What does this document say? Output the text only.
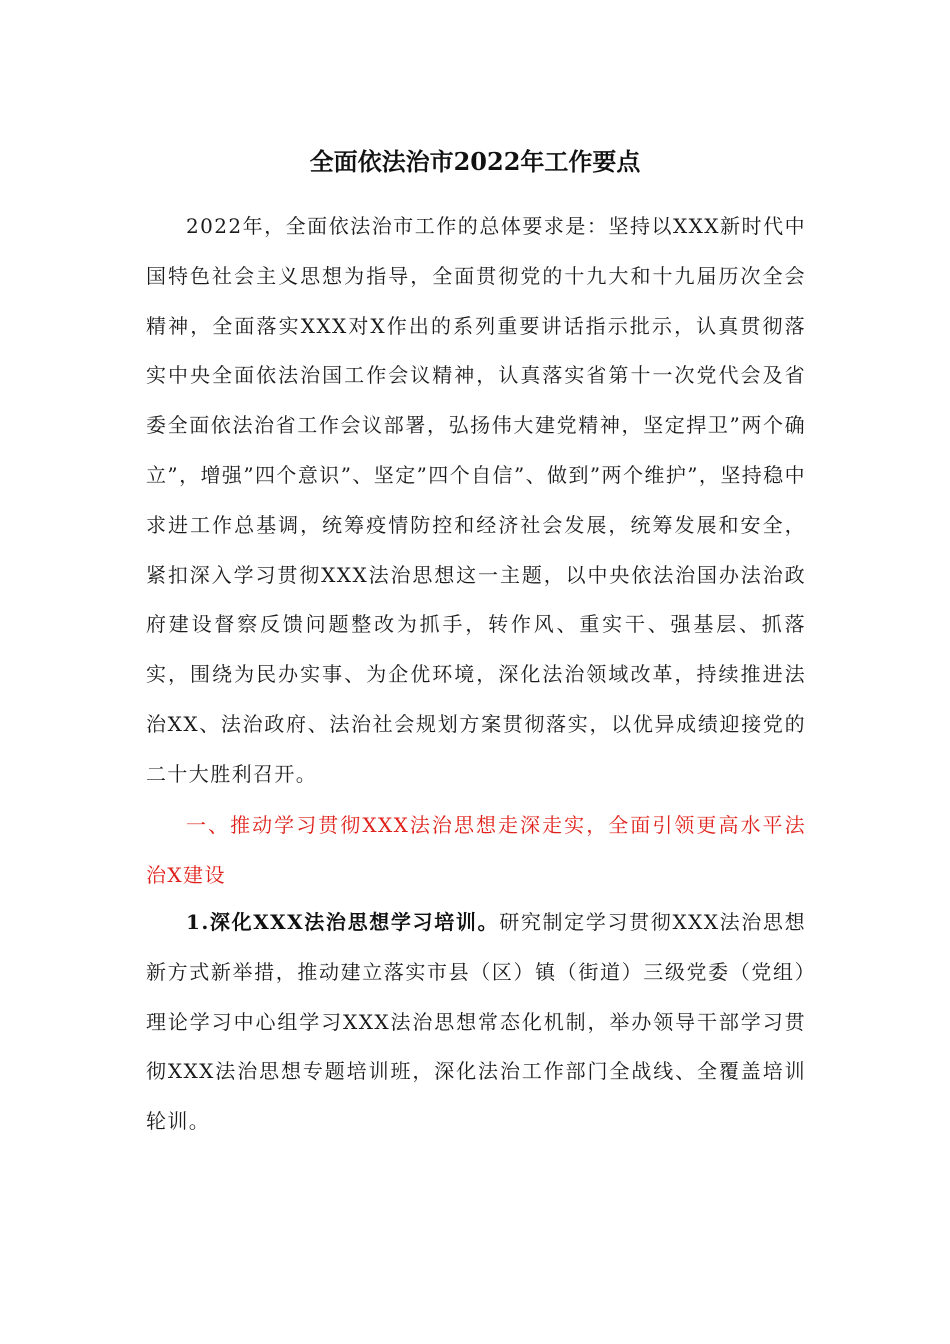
全面依法治市2022年工作要点

2022年，全面依法治市工作的总体要求是：坚持以XXX新时代中国特色社会主义思想为指导，全面贯彻党的十九大和十九届历次全会精神，全面落实XXX对X作出的系列重要讲话指示批示，认真贯彻落实中央全面依法治国工作会议精神，认真落实省第十一次党代会及省委全面依法治省工作会议部署，弘扬伟大建党精神，坚定捍卫”两个确立”，增强”四个意识”、坚定”四个自信”、做到”两个维护”，坚持稳中求进工作总基调，统筹疫情防控和经济社会发展，统筹发展和安全，紧扣深入学习贯彻XXX法治思想这一主题，以中央依法治国办法治政府建设督察反馈问题整改为抓手，转作风、重实干、强基层、抓落实，围绕为民办实事、为企优环境，深化法治领域改革，持续推进法治XX、法治政府、法治社会规划方案贯彻落实，以优异成绩迎接党的二十大胜利召开。

一、推动学习贯彻XXX法治思想走深走实，全面引领更高水平法治X建设

1.深化XXX法治思想学习培训。研究制定学习贯彻XXX法治思想新方式新举措，推动建立落实市县（区）镇（街道）三级党委（党组）理论学习中心组学习XXX法治思想常态化机制，举办领导干部学习贯彻XXX法治思想专题培训班，深化法治工作部门全战线、全覆盖培训轮训。
